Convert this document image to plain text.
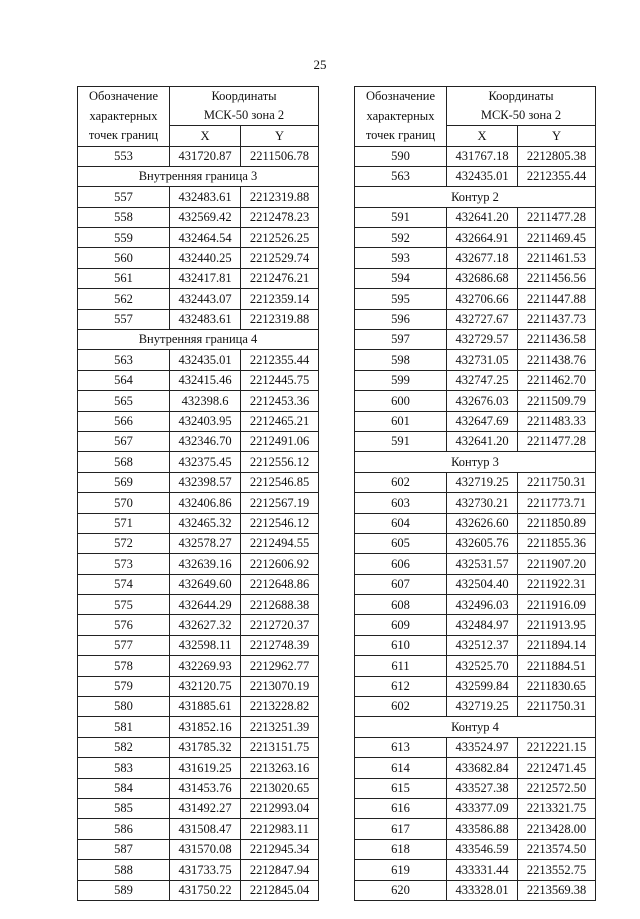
25
Обозначение
характерных
точек границ	Координаты	
	МСК-50 зона 2	
	X	Y
553	431720.87	2211506.78
Внутренняя граница 3		
557	432483.61	2212319.88
558	432569.42	2212478.23
559	432464.54	2212526.25
560	432440.25	2212529.74
561	432417.81	2212476.21
562	432443.07	2212359.14
557	432483.61	2212319.88
Внутренняя граница 4		
563	432435.01	2212355.44
564	432415.46	2212445.75
565	432398.6	2212453.36
566	432403.95	2212465.21
567	432346.70	2212491.06
568	432375.45	2212556.12
569	432398.57	2212546.85
570	432406.86	2212567.19
571	432465.32	2212546.12
572	432578.27	2212494.55
573	432639.16	2212606.92
574	432649.60	2212648.86
575	432644.29	2212688.38
576	432627.32	2212720.37
577	432598.11	2212748.39
578	432269.93	2212962.77
579	432120.75	2213070.19
580	431885.61	2213228.82
581	431852.16	2213251.39
582	431785.32	2213151.75
583	431619.25	2213263.16
584	431453.76	2213020.65
585	431492.27	2212993.04
586	431508.47	2212983.11
587	431570.08	2212945.34
588	431733.75	2212847.94
589	431750.22	2212845.04
Обозначение
характерных
точек границ	Координаты	
	МСК-50 зона 2	
	X	Y
590	431767.18	2212805.38
563	432435.01	2212355.44
Контур 2		
591	432641.20	2211477.28
592	432664.91	2211469.45
593	432677.18	2211461.53
594	432686.68	2211456.56
595	432706.66	2211447.88
596	432727.67	2211437.73
597	432729.57	2211436.58
598	432731.05	2211438.76
599	432747.25	2211462.70
600	432676.03	2211509.79
601	432647.69	2211483.33
591	432641.20	2211477.28
Контур 3		
602	432719.25	2211750.31
603	432730.21	2211773.71
604	432626.60	2211850.89
605	432605.76	2211855.36
606	432531.57	2211907.20
607	432504.40	2211922.31
608	432496.03	2211916.09
609	432484.97	2211913.95
610	432512.37	2211894.14
611	432525.70	2211884.51
612	432599.84	2211830.65
602	432719.25	2211750.31
Контур 4		
613	433524.97	2212221.15
614	433682.84	2212471.45
615	433527.38	2212572.50
616	433377.09	2213321.75
617	433586.88	2213428.00
618	433546.59	2213574.50
619	433331.44	2213552.75
620	433328.01	2213569.38
